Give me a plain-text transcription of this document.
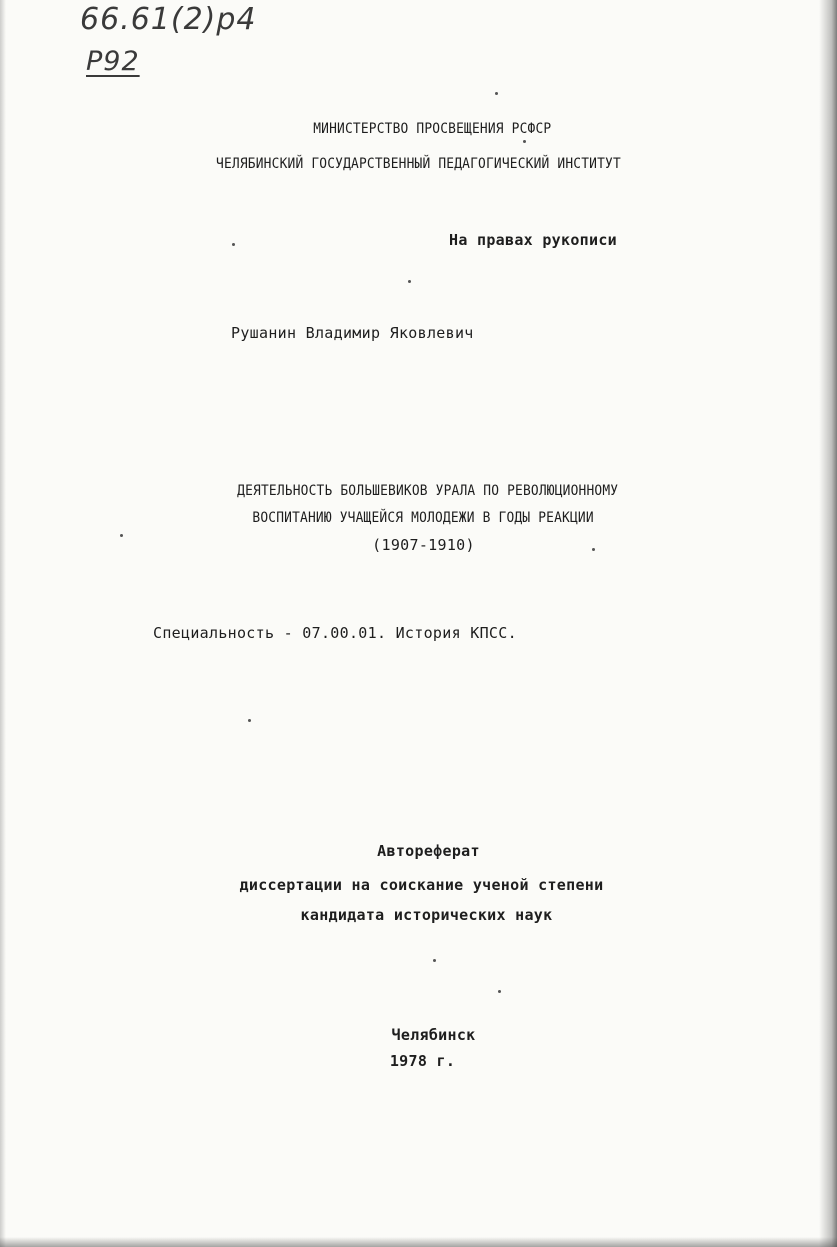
66.61(2)р4
Р92
МИНИСТЕРСТВО ПРОСВЕЩЕНИЯ РСФСР
ЧЕЛЯБИНСКИЙ ГОСУДАРСТВЕННЫЙ ПЕДАГОГИЧЕСКИЙ ИНСТИТУТ
На правах рукописи
Рушанин Владимир Яковлевич
ДЕЯТЕЛЬНОСТЬ БОЛЬШЕВИКОВ УРАЛА ПО РЕВОЛЮЦИОННОМУ
ВОСПИТАНИЮ УЧАЩЕЙСЯ МОЛОДЕЖИ В ГОДЫ РЕАКЦИИ
(1907-1910)
Специальность - 07.00.01. История КПСС.
Автореферат
диссертации на соискание ученой степени
кандидата исторических наук
Челябинск
1978 г.
